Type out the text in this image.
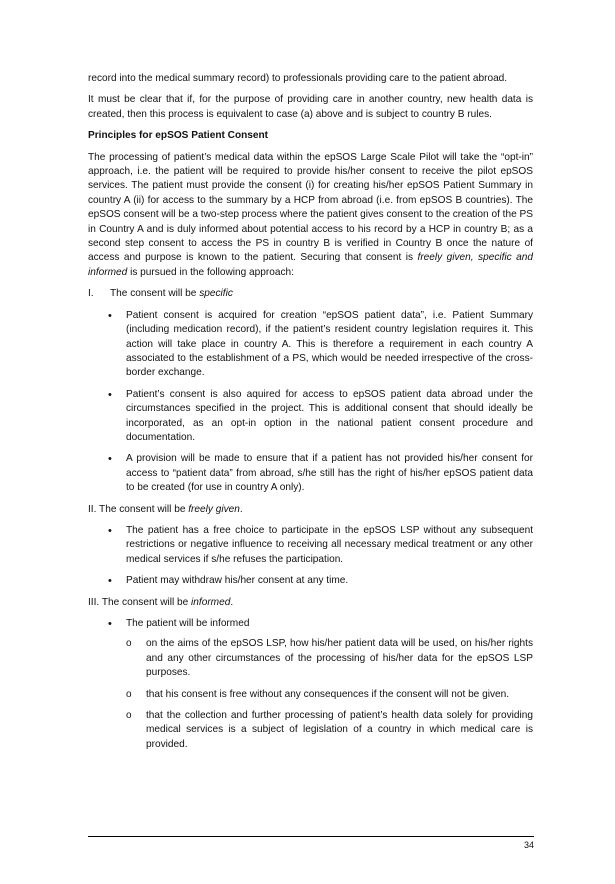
record into the medical summary record) to professionals providing care to the patient abroad.

It must be clear that if, for the purpose of providing care in another country, new health data is created, then this process is equivalent to case (a) above and is subject to country B rules.

Principles for epSOS Patient Consent

The processing of patient’s medical data within the epSOS Large Scale Pilot will take the “opt-in” approach, i.e. the patient will be required to provide his/her consent to receive the pilot epSOS services. The patient must provide the consent (i) for creating his/her epSOS Patient Summary in country A (ii) for access to the summary by a HCP from abroad (i.e. from epSOS B countries). The epSOS consent will be a two-step process where the patient gives consent to the creation of the PS in Country A and is duly informed about potential access to his record by a HCP in country B; as a second step consent to access the PS in country B is verified in Country B once the nature of access and purpose is known to the patient. Securing that consent is freely given, specific and informed is pursued in the following approach:

I. The consent will be specific
• Patient consent is acquired for creation “epSOS patient data”, i.e. Patient Summary (including medication record), if the patient’s resident country legislation requires it. This action will take place in country A. This is therefore a requirement in each country A associated to the establishment of a PS, which would be needed irrespective of the cross-border exchange.
• Patient’s consent is also aquired for access to epSOS patient data abroad under the circumstances specified in the project. This is additional consent that should ideally be incorporated, as an opt-in option in the national patient consent procedure and documentation.
• A provision will be made to ensure that if a patient has not provided his/her consent for access to “patient data” from abroad, s/he still has the right of his/her epSOS patient data to be created (for use in country A only).
II. The consent will be freely given.
• The patient has a free choice to participate in the epSOS LSP without any subsequent restrictions or negative influence to receiving all necessary medical treatment or any other medical services if s/he refuses the participation.
• Patient may withdraw his/her consent at any time.
III. The consent will be informed.
• The patient will be informed
o on the aims of the epSOS LSP, how his/her patient data will be used, on his/her rights and any other circumstances of the processing of his/her data for the epSOS LSP purposes.
o that his consent is free without any consequences if the consent will not be given.
o that the collection and further processing of patient’s health data solely for providing medical services is a subject of legislation of a country in which medical care is provided.
34
